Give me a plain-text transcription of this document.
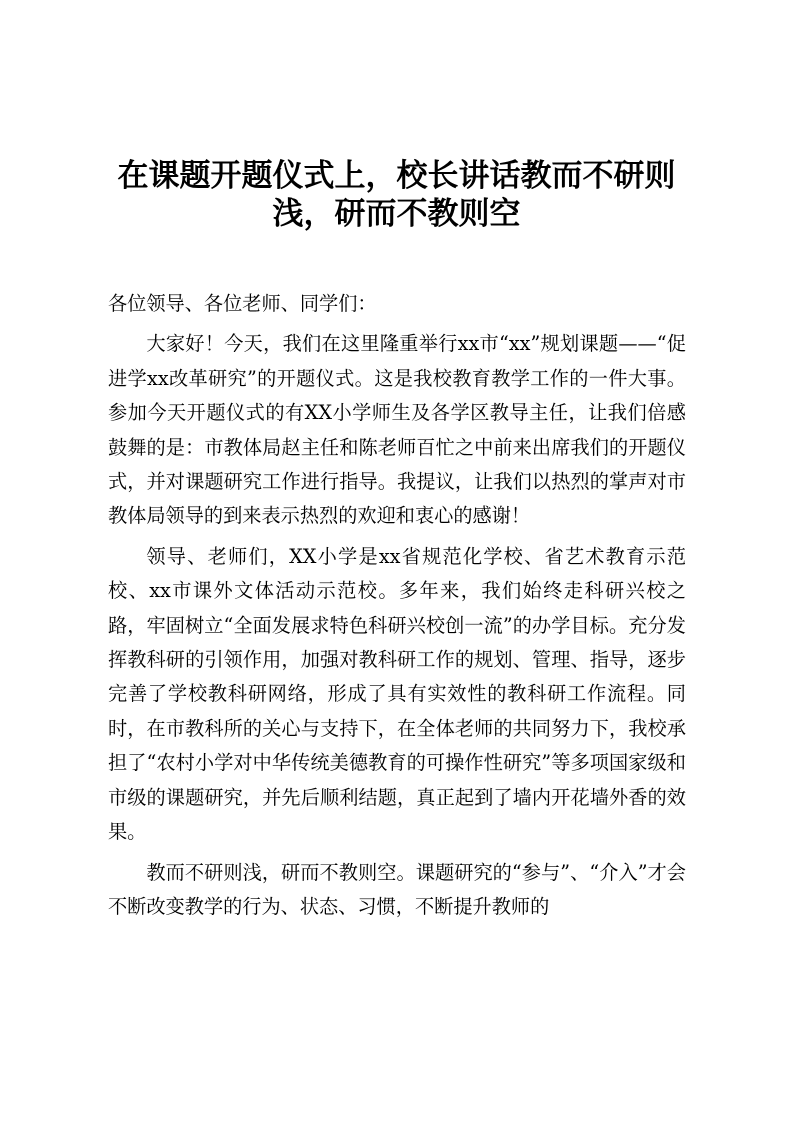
在课题开题仪式上，校长讲话教而不研则
浅，研而不教则空

各位领导、各位老师、同学们：

大家好！今天，我们在这里隆重举行xx市“xx”规划课题——“促进学xx改革研究”的开题仪式。这是我校教育教学工作的一件大事。参加今天开题仪式的有XX小学师生及各学区教导主任，让我们倍感鼓舞的是：市教体局赵主任和陈老师百忙之中前来出席我们的开题仪式，并对课题研究工作进行指导。我提议，让我们以热烈的掌声对市教体局领导的到来表示热烈的欢迎和衷心的感谢！

领导、老师们，XX小学是xx省规范化学校、省艺术教育示范校、xx市课外文体活动示范校。多年来，我们始终走科研兴校之路，牢固树立“全面发展求特色科研兴校创一流”的办学目标。充分发挥教科研的引领作用，加强对教科研工作的规划、管理、指导，逐步完善了学校教科研网络，形成了具有实效性的教科研工作流程。同时，在市教科所的关心与支持下，在全体老师的共同努力下，我校承担了“农村小学对中华传统美德教育的可操作性研究”等多项国家级和市级的课题研究，并先后顺利结题，真正起到了墙内开花墙外香的效果。

教而不研则浅，研而不教则空。课题研究的“参与”、“介入”才会不断改变教学的行为、状态、习惯，不断提升教师的
